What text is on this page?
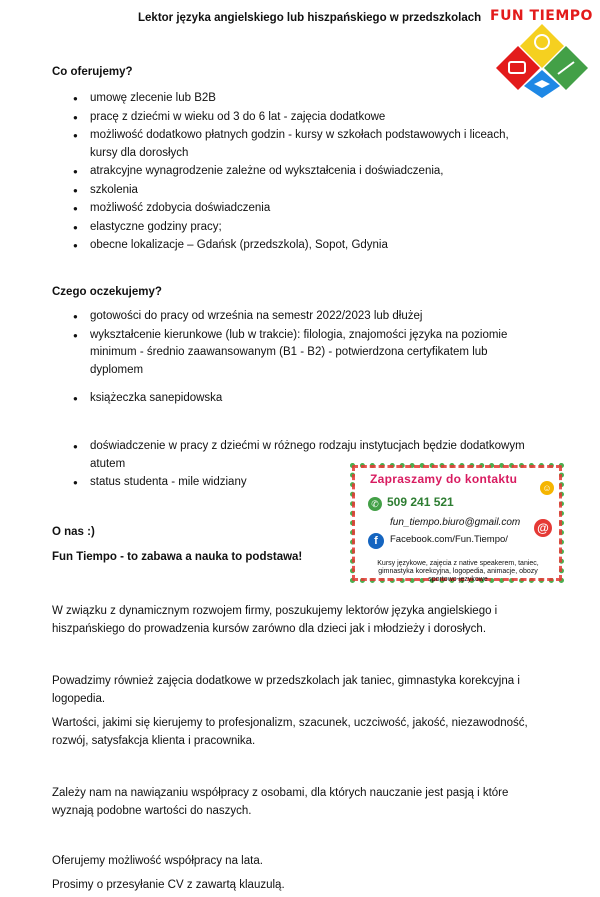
Lektor języka angielskiego lub hiszpańskiego w przedszkolach FUN TIEMPO
Co oferujemy?
● umowę zlecenie lub B2B
● pracę z dziećmi w wieku od 3 do 6 lat - zajęcia dodatkowe
● możliwość dodatkowo płatnych godzin - kursy w szkołach podstawowych i liceach, kursy dla dorosłych
● atrakcyjne wynagrodzenie zależne od wykształcenia i doświadczenia,
● szkolenia
● możliwość zdobycia doświadczenia
● elastyczne godziny pracy;
● obecne lokalizacje – Gdańsk (przedszkola), Sopot, Gdynia
Czego oczekujemy?
● gotowości do pracy od września na semestr 2022/2023 lub dłużej
● wykształcenie kierunkowe (lub w trakcie): filologia, znajomości języka na poziomie minimum - średnio zaawansowanym (B1 - B2) - potwierdzona certyfikatem lub dyplomem
● książeczka sanepidowska
● doświadczenie w pracy z dziećmi w różnego rodzaju instytucjach będzie dodatkowym atutem
● status studenta - mile widziany
O nas :)
Fun Tiempo - to zabawa a nauka to podstawa!
Zapraszamy do kontaktu
☺
✆ 509 241 521
fun_tiempo.biuro@gmail.com @
f	Facebook.com/Fun.Tiempo/
Kursy językowe, zajęcia z native speakerem, taniec, gimnastyka korekcyjna, logopedia, animacje, obozy sportowo-językowe
W związku z dynamicznym rozwojem firmy, poszukujemy lektorów języka angielskiego i hiszpańskiego do prowadzenia kursów zarówno dla dzieci jak i młodzieży i dorosłych.
Powadzimy również zajęcia dodatkowe w przedszkolach jak taniec, gimnastyka korekcyjna i logopedia.
Wartości, jakimi się kierujemy to profesjonalizm, szacunek, uczciwość, jakość, niezawodność, rozwój, satysfakcja klienta i pracownika.
Zależy nam na nawiązaniu współpracy z osobami, dla których nauczanie jest pasją i które wyznają podobne wartości do naszych.
Oferujemy możliwość współpracy na lata.
Prosimy o przesyłanie CV z zawartą klauzulą.
